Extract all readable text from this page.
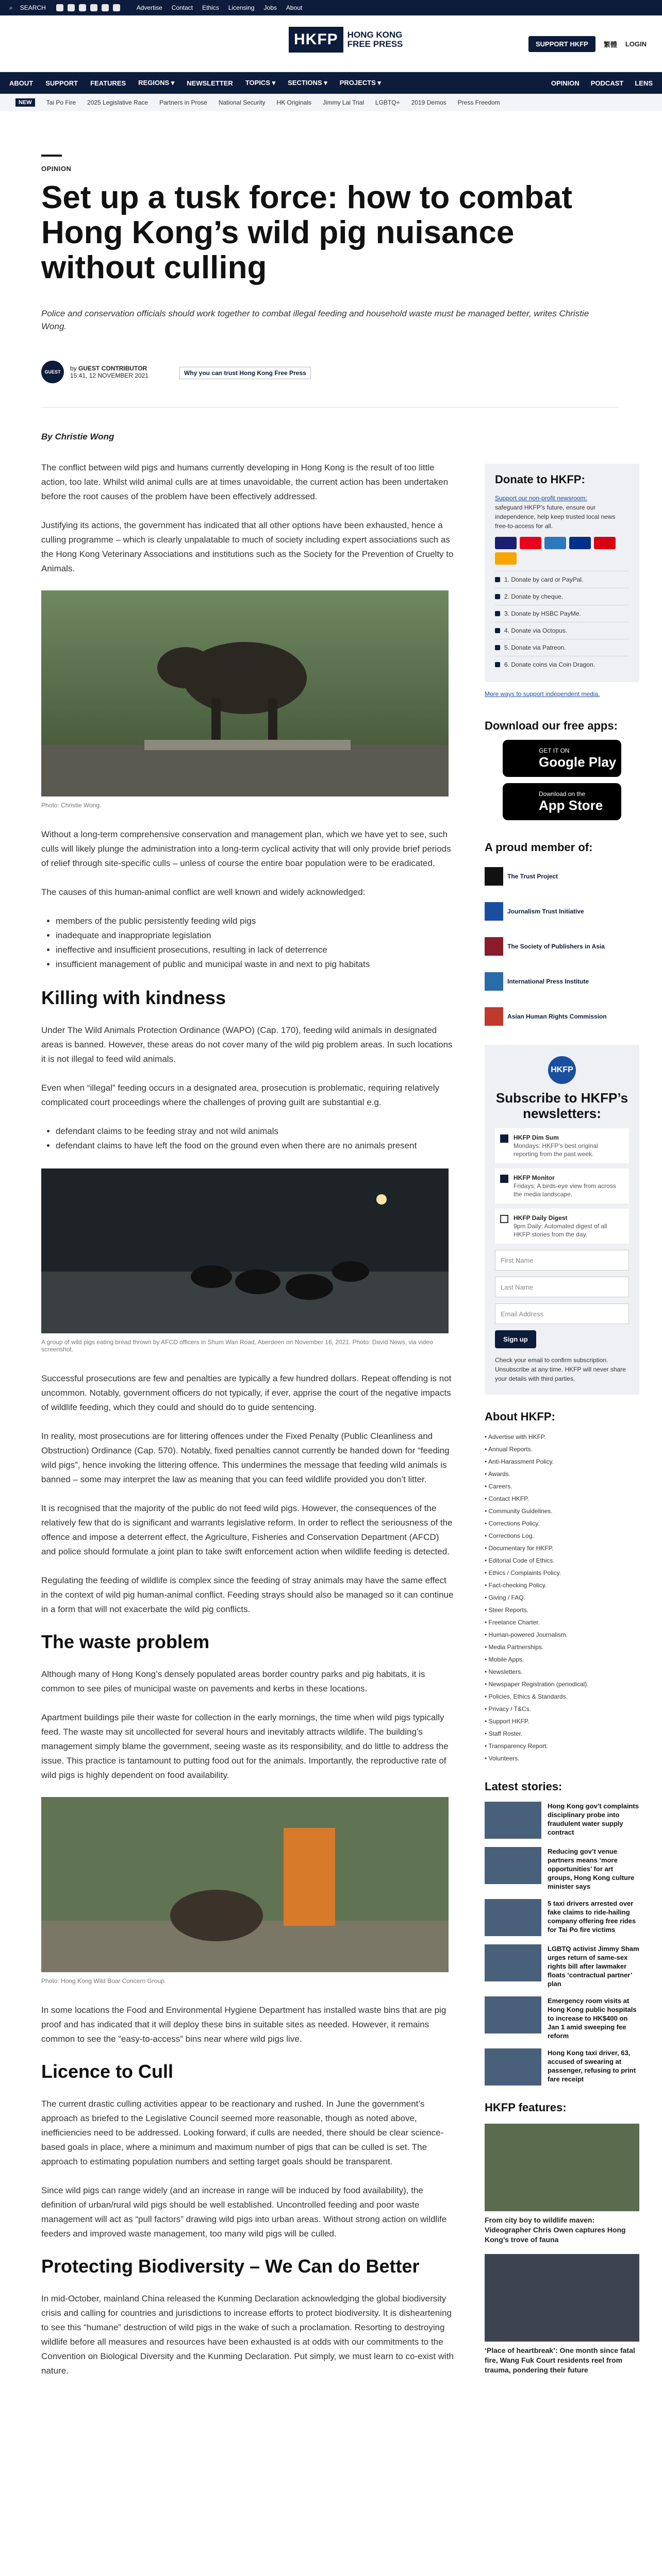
⌕ SEARCH	Advertise Contact Ethics Licensing Jobs About
HKFP	HONG KONG
FREE PRESS	SUPPORT HKFP	繁體 LOGIN
ABOUT SUPPORT FEATURES REGIONS ▾ NEWSLETTER TOPICS ▾ SECTIONS ▾ PROJECTS ▾	OPINION PODCAST LENS
NEW	Tai Po Fire 2025 Legislative Race Partners in Prose National Security HK Originals Jimmy Lai Trial LGBTQ+ 2019 Demos Press Freedom
OPINION
Set up a tusk force: how to combat Hong Kong’s wild pig nuisance without culling

Police and conservation officials should work together to combat illegal feeding and household waste must be managed better, writes Christie Wong.

GUEST	by GUEST CONTRIBUTOR
15:41, 12 NOVEMBER 2021	Why you can trust Hong Kong Free Press

By Christie Wong

The conflict between wild pigs and humans currently developing in Hong Kong is the result of too little action, too late. Whilst wild animal culls are at times unavoidable, the current action has been undertaken before the root causes of the problem have been effectively addressed.

Justifying its actions, the government has indicated that all other options have been exhausted, hence a culling programme – which is clearly unpalatable to much of society including expert associations such as the Hong Kong Veterinary Associations and institutions such as the Society for the Prevention of Cruelty to Animals.

Photo: Christie Wong.

Without a long-term comprehensive conservation and management plan, which we have yet to see, such culls will likely plunge the administration into a long-term cyclical activity that will only provide brief periods of relief through site-specific culls – unless of course the entire boar population were to be eradicated.

The causes of this human-animal conflict are well known and widely acknowledged:

• members of the public persistently feeding wild pigs
• inadequate and inappropriate legislation
• ineffective and insufficient prosecutions, resulting in lack of deterrence
• insufficient management of public and municipal waste in and next to pig habitats
Killing with kindness

Under The Wild Animals Protection Ordinance (WAPO) (Cap. 170), feeding wild animals in designated areas is banned. However, these areas do not cover many of the wild pig problem areas. In such locations it is not illegal to feed wild animals.

Even when “illegal” feeding occurs in a designated area, prosecution is problematic, requiring relatively complicated court proceedings where the challenges of proving guilt are substantial e.g.

• defendant claims to be feeding stray and not wild animals
• defendant claims to have left the food on the ground even when there are no animals present

A group of wild pigs eating bread thrown by AFCD officers in Shum Wan Road, Aberdeen on November 16, 2021. Photo: David News, via video screenshot.

Successful prosecutions are few and penalties are typically a few hundred dollars. Repeat offending is not uncommon. Notably, government officers do not typically, if ever, apprise the court of the negative impacts of wildlife feeding, which they could and should do to guide sentencing.

In reality, most prosecutions are for littering offences under the Fixed Penalty (Public Cleanliness and Obstruction) Ordinance (Cap. 570). Notably, fixed penalties cannot currently be handed down for “feeding wild pigs”, hence invoking the littering offence. This undermines the message that feeding wild animals is banned – some may interpret the law as meaning that you can feed wildlife provided you don’t litter.

It is recognised that the majority of the public do not feed wild pigs. However, the consequences of the relatively few that do is significant and warrants legislative reform. In order to reflect the seriousness of the offence and impose a deterrent effect, the Agriculture, Fisheries and Conservation Department (AFCD) and police should formulate a joint plan to take swift enforcement action when wildlife feeding is detected.

Regulating the feeding of wildlife is complex since the feeding of stray animals may have the same effect in the context of wild pig human-animal conflict. Feeding strays should also be managed so it can continue in a form that will not exacerbate the wild pig conflicts.

The waste problem

Although many of Hong Kong’s densely populated areas border country parks and pig habitats, it is common to see piles of municipal waste on pavements and kerbs in these locations.

Apartment buildings pile their waste for collection in the early mornings, the time when wild pigs typically feed. The waste may sit uncollected for several hours and inevitably attracts wildlife. The building’s management simply blame the government, seeing waste as its responsibility, and do little to address the issue. This practice is tantamount to putting food out for the animals. Importantly, the reproductive rate of wild pigs is highly dependent on food availability.

Photo: Hong Kong Wild Boar Concern Group.

In some locations the Food and Environmental Hygiene Department has installed waste bins that are pig proof and has indicated that it will deploy these bins in suitable sites as needed. However, it remains common to see the “easy-to-access” bins near where wild pigs live.

Licence to Cull

The current drastic culling activities appear to be reactionary and rushed. In June the government’s approach as briefed to the Legislative Council seemed more reasonable, though as noted above, inefficiencies need to be addressed. Looking forward, if culls are needed, there should be clear science-based goals in place, where a minimum and maximum number of pigs that can be culled is set. The approach to estimating population numbers and setting target goals should be transparent.

Since wild pigs can range widely (and an increase in range will be induced by food availability), the definition of urban/rural wild pigs should be well established. Uncontrolled feeding and poor waste management will act as “pull factors” drawing wild pigs into urban areas. Without strong action on wildlife feeders and improved waste management, too many wild pigs will be culled.

Protecting Biodiversity – We Can do Better

In mid-October, mainland China released the Kunming Declaration acknowledging the global biodiversity crisis and calling for countries and jurisdictions to increase efforts to protect biodiversity. It is disheartening to see this “humane” destruction of wild pigs in the wake of such a proclamation. Resorting to destroying wildlife before all measures and resources have been exhausted is at odds with our commitments to the Convention on Biological Diversity and the Kunming Declaration. Put simply, we must learn to co-exist with nature.

Donate to HKFP:

Support our non-profit newsroom:

safeguard HKFP’s future, ensure our independence, help keep trusted local news free-to-access for all.

1. Donate by card or PayPal.
2. Donate by cheque.
3. Donate by HSBC PayMe.
4. Donate via Octopus.
5. Donate via Patreon.
6. Donate coins via Coin Dragon.

More ways to support independent media.

Download our free apps:
GET IT ON
Google Play
Download on the
App Store
A proud member of:
The Trust Project
Journalism Trust Initiative
The Society of Publishers in Asia
International Press Institute
Asian Human Rights Commission
HKFP
Subscribe to HKFP’s newsletters:
HKFP Dim Sum
Mondays: HKFP’s best original reporting from the past week.
HKFP Monitor
Fridays: A birds-eye view from across the media landscape.
HKFP Daily Digest
9pm Daily: Automated digest of all HKFP stories from the day.
First Name
Last Name
Email Address
Sign up

Check your email to confirm subscription. Unsubscribe at any time. HKFP will never share your details with third parties.

About HKFP:
• Advertise with HKFP.
• Annual Reports.
• Anti-Harassment Policy.
• Awards.
• Careers.
• Contact HKFP.
• Community Guidelines.
• Corrections Policy.
• Corrections Log.
• Documentary for HKFP.
• Editorial Code of Ethics.
• Ethics / Complaints Policy.
• Fact-checking Policy.
• Giving / FAQ.
• Steer Reports.
• Freelance Charter.
• Human-powered Journalism.
• Media Partnerships.
• Mobile Apps.
• Newsletters.
• Newspaper Registration (periodical).
• Policies, Ethics & Standards.
• Privacy / T&Cs.
• Support HKFP.
• Staff Roster.
• Transparency Report.
• Volunteers.
Latest stories:
Hong Kong gov’t complaints disciplinary probe into fraudulent water supply contract
Reducing gov’t venue partners means ‘more opportunities’ for art groups, Hong Kong culture minister says
5 taxi drivers arrested over fake claims to ride-hailing company offering free rides for Tai Po fire victims
LGBTQ activist Jimmy Sham urges return of same-sex rights bill after lawmaker floats ‘contractual partner’ plan
Emergency room visits at Hong Kong public hospitals to increase to HK$400 on Jan 1 amid sweeping fee reform
Hong Kong taxi driver, 63, accused of swearing at passenger, refusing to print fare receipt
HKFP features:
From city boy to wildlife maven: Videographer Chris Owen captures Hong Kong’s trove of fauna
‘Place of heartbreak’: One month since fatal fire, Wang Fuk Court residents reel from trauma, pondering their future
